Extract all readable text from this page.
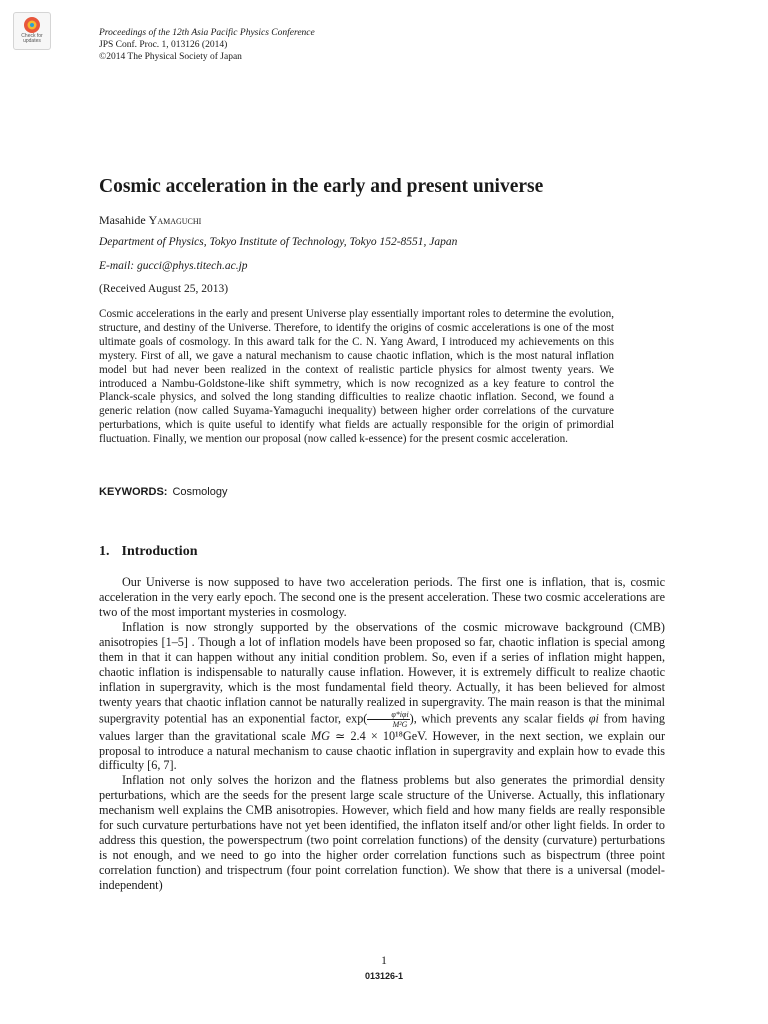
Check for
updates
Proceedings of the 12th Asia Pacific Physics Conference
JPS Conf. Proc. 1, 013126 (2014)
©2014 The Physical Society of Japan
Cosmic acceleration in the early and present universe
Masahide Yamaguchi
Department of Physics, Tokyo Institute of Technology, Tokyo 152-8551, Japan
E-mail: gucci@phys.titech.ac.jp
(Received August 25, 2013)

Cosmic accelerations in the early and present Universe play essentially important roles to determine the evolution, structure, and destiny of the Universe. Therefore, to identify the origins of cosmic accelerations is one of the most ultimate goals of cosmology. In this award talk for the C. N. Yang Award, I introduced my achievements on this mystery. First of all, we gave a natural mechanism to cause chaotic inflation, which is the most natural inflation model but had never been realized in the context of realistic particle physics for almost twenty years. We introduced a Nambu-Goldstone-like shift symmetry, which is now recognized as a key feature to control the Planck-scale physics, and solved the long standing difficulties to realize chaotic inflation. Second, we found a generic relation (now called Suyama-Yamaguchi inequality) between higher order correlations of the curvature perturbations, which is quite useful to identify what fields are actually responsible for the origin of primordial fluctuation. Finally, we mention our proposal (now called k-essence) for the present cosmic acceleration.

KEYWORDS: Cosmology
1. Introduction

Our Universe is now supposed to have two acceleration periods. The first one is inflation, that is, cosmic acceleration in the very early epoch. The second one is the present acceleration. These two cosmic accelerations are two of the most important mysteries in cosmology.

Inflation is now strongly supported by the observations of the cosmic microwave background (CMB) anisotropies [1–5] . Though a lot of inflation models have been proposed so far, chaotic inflation is special among them in that it can happen without any initial condition problem. So, even if a series of inflation might happen, chaotic inflation is indispensable to naturally cause inflation. However, it is extremely difficult to realize chaotic inflation in supergravity, which is the most fundamental field theory. Actually, it has been believed for almost twenty years that chaotic inflation cannot be naturally realized in supergravity. The main reason is that the minimal supergravity potential has an exponential factor, $\exp( \frac{\text{φ*iφi}}{\text{M²G}}$ ), which prevents any scalar fields φi from having values larger than the gravitational scale MG ≃ 2.4 × 10¹⁸GeV. However, in the next section, we explain our proposal to introduce a natural mechanism to cause chaotic inflation in supergravity and explain how to evade this difficulty [6, 7].

Inflation not only solves the horizon and the flatness problems but also generates the primordial density perturbations, which are the seeds for the present large scale structure of the Universe. Actually, this inflationary mechanism well explains the CMB anisotropies. However, which field and how many fields are really responsible for such curvature perturbations have not yet been identified, the inflaton itself and/or other light fields. In order to address this question, the powerspectrum (two point correlation functions) of the density (curvature) perturbations is not enough, and we need to go into the higher order correlation functions such as bispectrum (three point correlation function) and trispectrum (four point correlation function). We show that there is a universal (model-independent)

1
013126-1
